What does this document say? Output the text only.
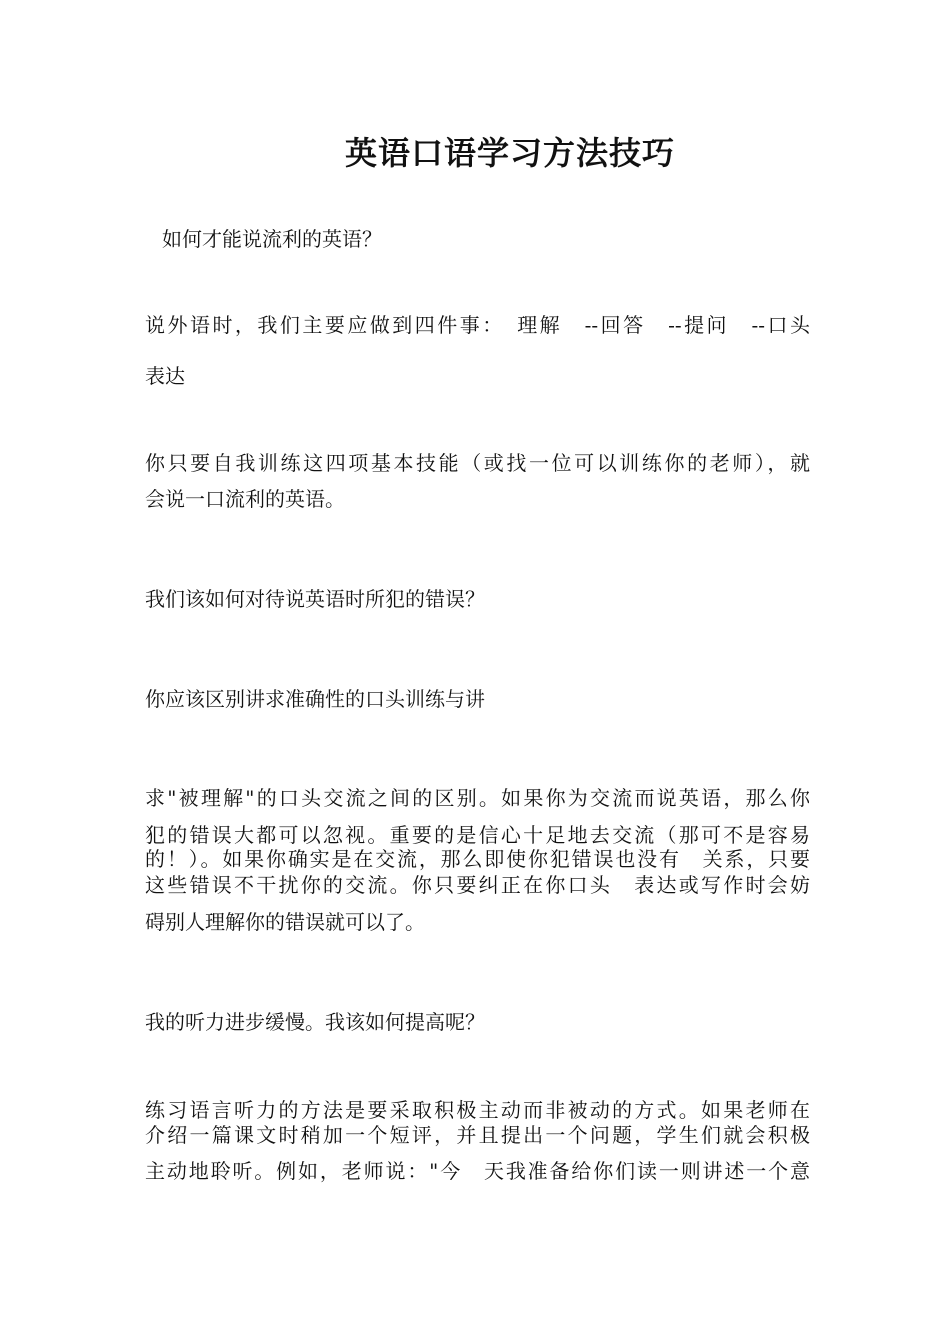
英语口语学习方法技巧
如何才能说流利的英语？
说外语时，我们主要应做到四件事：　理解　--回答　--提问　--口头
表达
你只要自我训练这四项基本技能（或找一位可以训练你的老师），就
会说一口流利的英语。
我们该如何对待说英语时所犯的错误？
你应该区别讲求准确性的口头训练与讲
求"被理解"的口头交流之间的区别。如果你为交流而说英语，那么你
犯的错误大都可以忽视。重要的是信心十足地去交流（那可不是容易
的！）。如果你确实是在交流，那么即使你犯错误也没有　关系，只要
这些错误不干扰你的交流。你只要纠正在你口头　表达或写作时会妨
碍别人理解你的错误就可以了。
我的听力进步缓慢。我该如何提高呢？
练习语言听力的方法是要采取积极主动而非被动的方式。如果老师在
介绍一篇课文时稍加一个短评，并且提出一个问题，学生们就会积极
主动地聆听。例如，老师说："今　天我准备给你们读一则讲述一个意
